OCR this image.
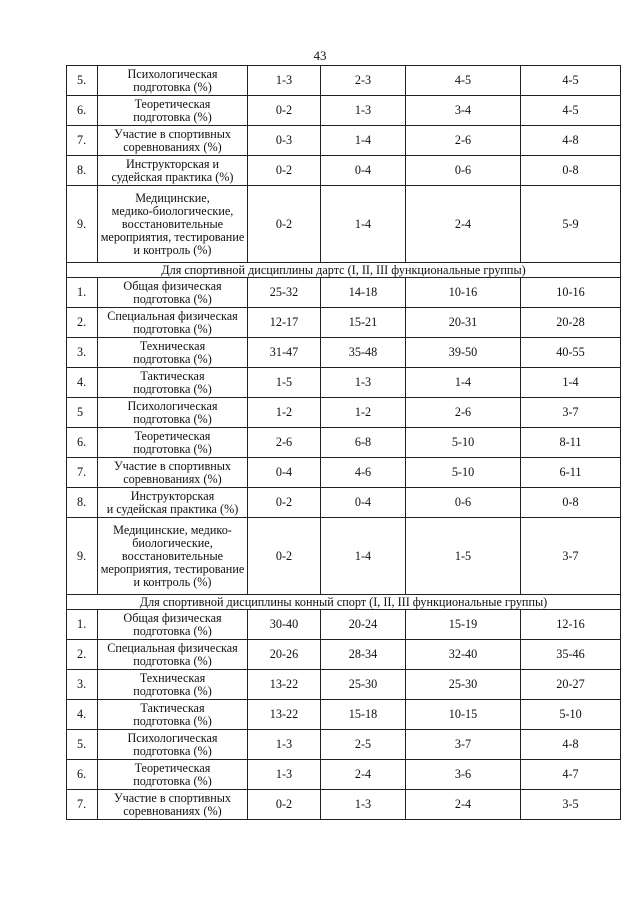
43
5.	Психологическая
подготовка (%)	1-3	2-3	4-5	4-5
6.	Теоретическая
подготовка (%)	0-2	1-3	3-4	4-5
7.	Участие в спортивных
соревнованиях (%)	0-3	1-4	2-6	4-8
8.	Инструкторская и
судейская практика (%)	0-2	0-4	0-6	0-8
9.	Медицинские,
медико-биологические,
восстановительные
мероприятия, тестирование
и контроль (%)	0-2	1-4	2-4	5-9
Для спортивной дисциплины дартс (I, II, III функциональные группы)					
1.	Общая физическая
подготовка (%)	25-32	14-18	10-16	10-16
2.	Специальная физическая
подготовка (%)	12-17	15-21	20-31	20-28
3.	Техническая
подготовка (%)	31-47	35-48	39-50	40-55
4.	Тактическая
подготовка (%)	1-5	1-3	1-4	1-4
5	Психологическая
подготовка (%)	1-2	1-2	2-6	3-7
6.	Теоретическая
подготовка (%)	2-6	6-8	5-10	8-11
7.	Участие в спортивных
соревнованиях (%)	0-4	4-6	5-10	6-11
8.	Инструкторская
и судейская практика (%)	0-2	0-4	0-6	0-8
9.	Медицинские, медико-
биологические,
восстановительные
мероприятия, тестирование
и контроль (%)	0-2	1-4	1-5	3-7
Для спортивной дисциплины конный спорт (I, II, III функциональные группы)					
1.	Общая физическая
подготовка (%)	30-40	20-24	15-19	12-16
2.	Специальная физическая
подготовка (%)	20-26	28-34	32-40	35-46
3.	Техническая
подготовка (%)	13-22	25-30	25-30	20-27
4.	Тактическая
подготовка (%)	13-22	15-18	10-15	5-10
5.	Психологическая
подготовка (%)	1-3	2-5	3-7	4-8
6.	Теоретическая
подготовка (%)	1-3	2-4	3-6	4-7
7.	Участие в спортивных
соревнованиях (%)	0-2	1-3	2-4	3-5
